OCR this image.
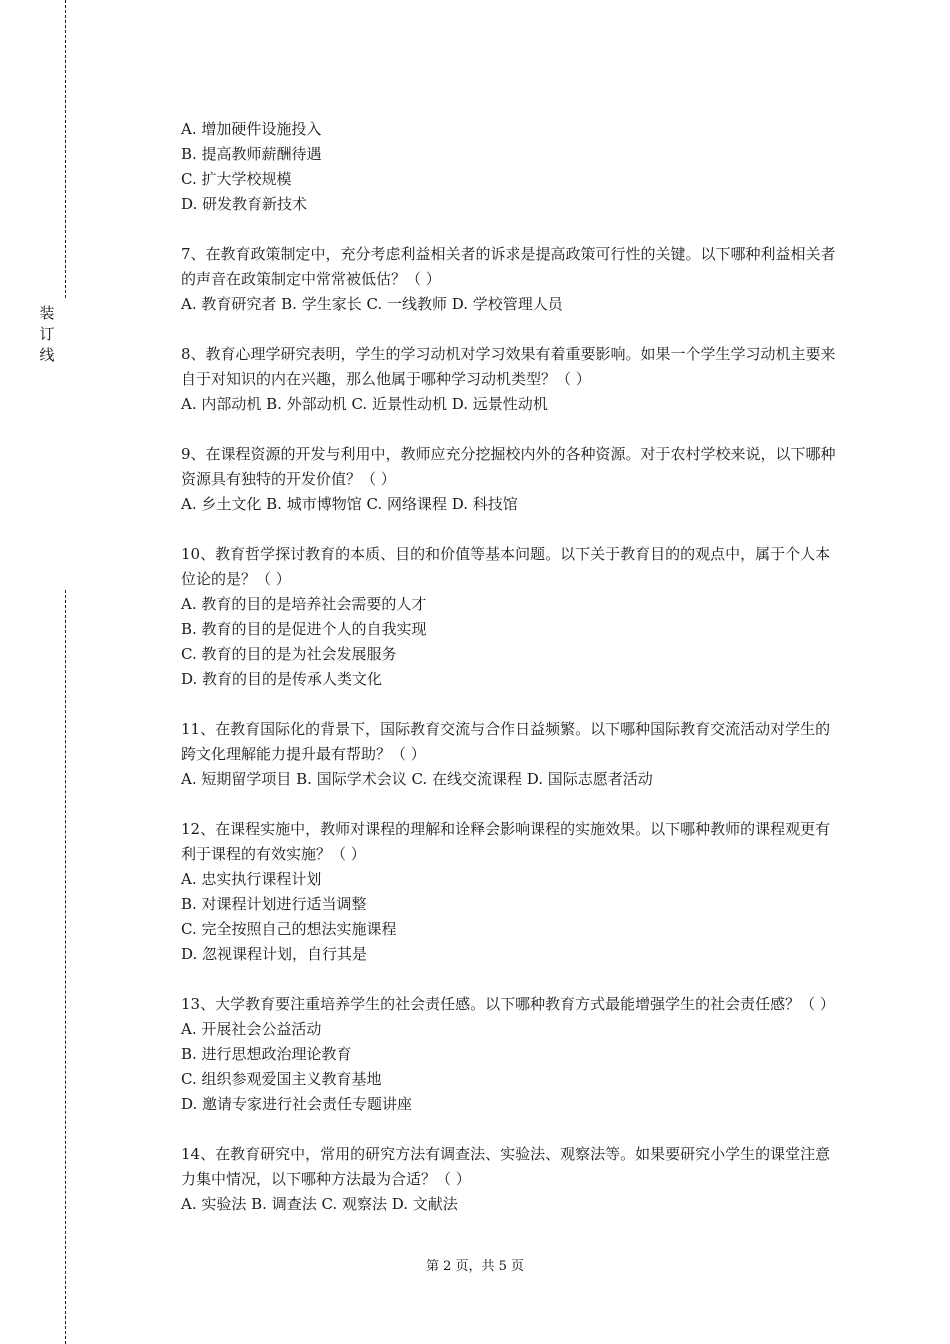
装
订
线

A. 增加硬件设施投入

B. 提高教师薪酬待遇

C. 扩大学校规模

D. 研发教育新技术

7、在教育政策制定中，充分考虑利益相关者的诉求是提高政策可行性的关键。以下哪种利益相关者的声音在政策制定中常常被低估？（ ）

A. 教育研究者 B. 学生家长 C. 一线教师 D. 学校管理人员

8、教育心理学研究表明，学生的学习动机对学习效果有着重要影响。如果一个学生学习动机主要来自于对知识的内在兴趣，那么他属于哪种学习动机类型？（ ）

A. 内部动机 B. 外部动机 C. 近景性动机 D. 远景性动机

9、在课程资源的开发与利用中，教师应充分挖掘校内外的各种资源。对于农村学校来说，以下哪种资源具有独特的开发价值？（ ）

A. 乡土文化 B. 城市博物馆 C. 网络课程 D. 科技馆

10、教育哲学探讨教育的本质、目的和价值等基本问题。以下关于教育目的的观点中，属于个人本位论的是？（ ）

A. 教育的目的是培养社会需要的人才

B. 教育的目的是促进个人的自我实现

C. 教育的目的是为社会发展服务

D. 教育的目的是传承人类文化

11、在教育国际化的背景下，国际教育交流与合作日益频繁。以下哪种国际教育交流活动对学生的跨文化理解能力提升最有帮助？（ ）

A. 短期留学项目 B. 国际学术会议 C. 在线交流课程 D. 国际志愿者活动

12、在课程实施中，教师对课程的理解和诠释会影响课程的实施效果。以下哪种教师的课程观更有利于课程的有效实施？（ ）

A. 忠实执行课程计划

B. 对课程计划进行适当调整

C. 完全按照自己的想法实施课程

D. 忽视课程计划，自行其是

13、大学教育要注重培养学生的社会责任感。以下哪种教育方式最能增强学生的社会责任感？（ ）

A. 开展社会公益活动

B. 进行思想政治理论教育

C. 组织参观爱国主义教育基地

D. 邀请专家进行社会责任专题讲座

14、在教育研究中，常用的研究方法有调查法、实验法、观察法等。如果要研究小学生的课堂注意力集中情况，以下哪种方法最为合适？（ ）

A. 实验法 B. 调查法 C. 观察法 D. 文献法

第 2 页，共 5 页
